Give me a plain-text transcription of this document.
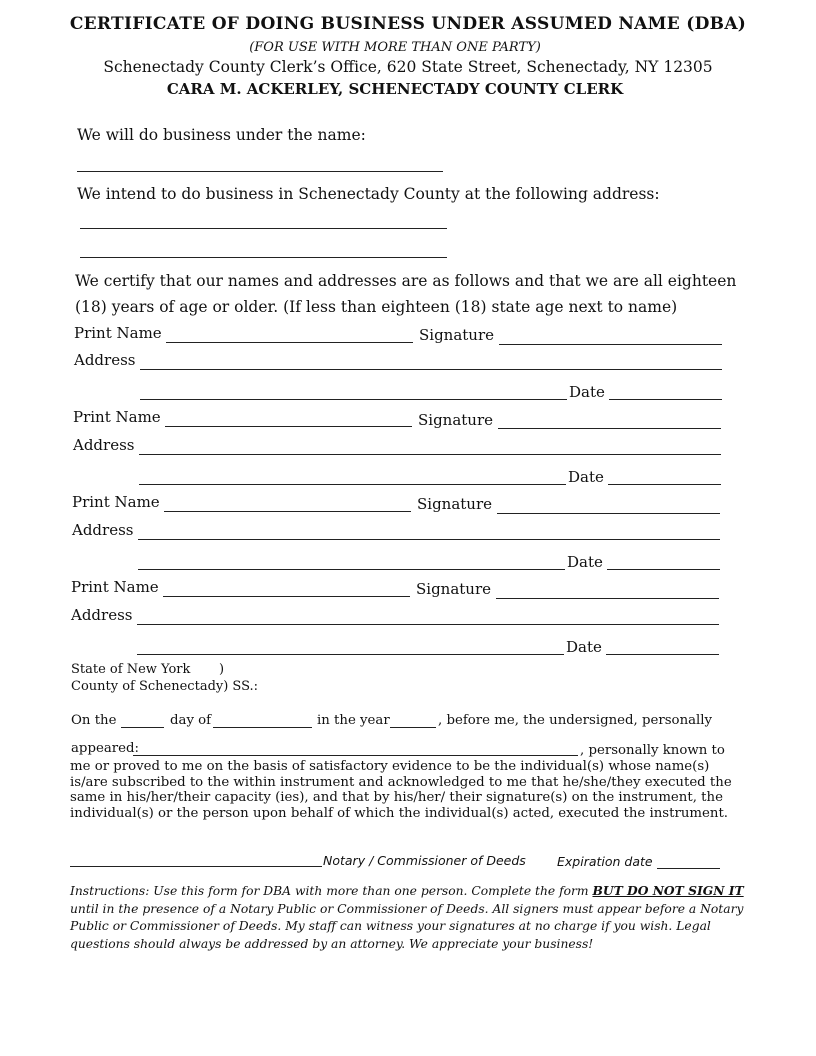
CERTIFICATE OF DOING BUSINESS UNDER ASSUMED NAME (DBA)
(FOR USE WITH MORE THAN ONE PARTY)
Schenectady County Clerk’s Office, 620 State Street, Schenectady, NY 12305
CARA M. ACKERLEY, SCHENECTADY COUNTY CLERK
We will do business under the name:
We intend to do business in Schenectady County at the following address:
We certify that our names and addresses are as follows and that we are all eighteen
(18) years of age or older. (If less than eighteen (18) state age next to name)
Print Name	Signature
Address
Date
Print Name	Signature
Address
Date
Print Name	Signature
Address
Date
Print Name	Signature
Address
Date
State of New York )
County of Schenectady) SS.:
On the	day of	in the year	, before me, the undersigned, personally
appeared:	, personally known to
me or proved to me on the basis of satisfactory evidence to be the individual(s) whose name(s) is/are subscribed to the within instrument and acknowledged to me that he/she/they executed the same in his/her/their capacity (ies), and that by his/her/ their signature(s) on the instrument, the individual(s) or the person upon behalf of which the individual(s) acted, executed the instrument.
Notary / Commissioner of Deeds Expiration date
Instructions: Use this form for DBA with more than one person. Complete the form BUT DO NOT SIGN IT until in the presence of a Notary Public or Commissioner of Deeds. All signers must appear before a Notary Public or Commissioner of Deeds. My staff can witness your signatures at no charge if you wish. Legal questions should always be addressed by an attorney. We appreciate your business!
